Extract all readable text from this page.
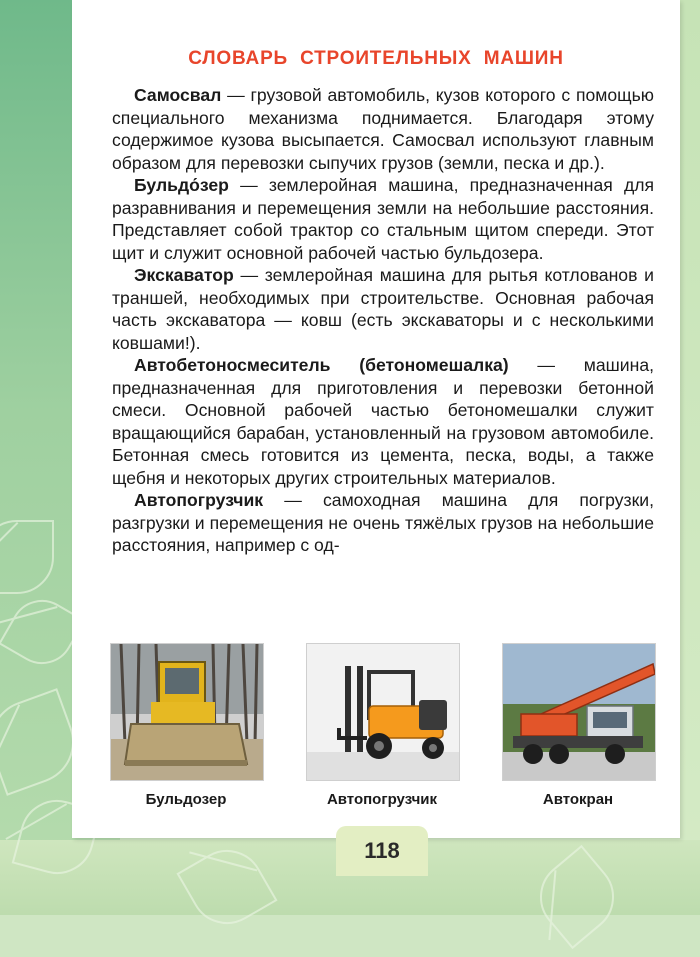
СЛОВАРЬ СТРОИТЕЛЬНЫХ МАШИН

Самосвал — грузовой автомобиль, кузов которого с помощью специального механизма поднимается. Благодаря этому содержимое кузова высыпается. Самосвал используют главным образом для перевозки сыпучих грузов (земли, песка и др.).

Бульдо́зер — землеройная машина, предназначенная для разравнивания и перемещения земли на небольшие расстояния. Представляет собой трактор со стальным щитом спереди. Этот щит и служит основной рабочей частью бульдозера.

Экскаватор — землеройная машина для рытья котлованов и траншей, необходимых при строительстве. Основная рабочая часть экскаватора — ковш (есть экскаваторы и с несколькими ковшами!).

Автобетоносмеситель (бетономешалка) — машина, предназначенная для приготовления и перевозки бетонной смеси. Основной рабочей частью бетономешалки служит вращающийся барабан, установленный на грузовом автомобиле. Бетонная смесь готовится из цемента, песка, воды, а также щебня и некоторых других строительных материалов.

Автопогрузчик — самоходная машина для погрузки, разгрузки и перемещения не очень тяжёлых грузов на небольшие расстояния, например с од-

Бульдозер	Автопогрузчик	Автокран
118
